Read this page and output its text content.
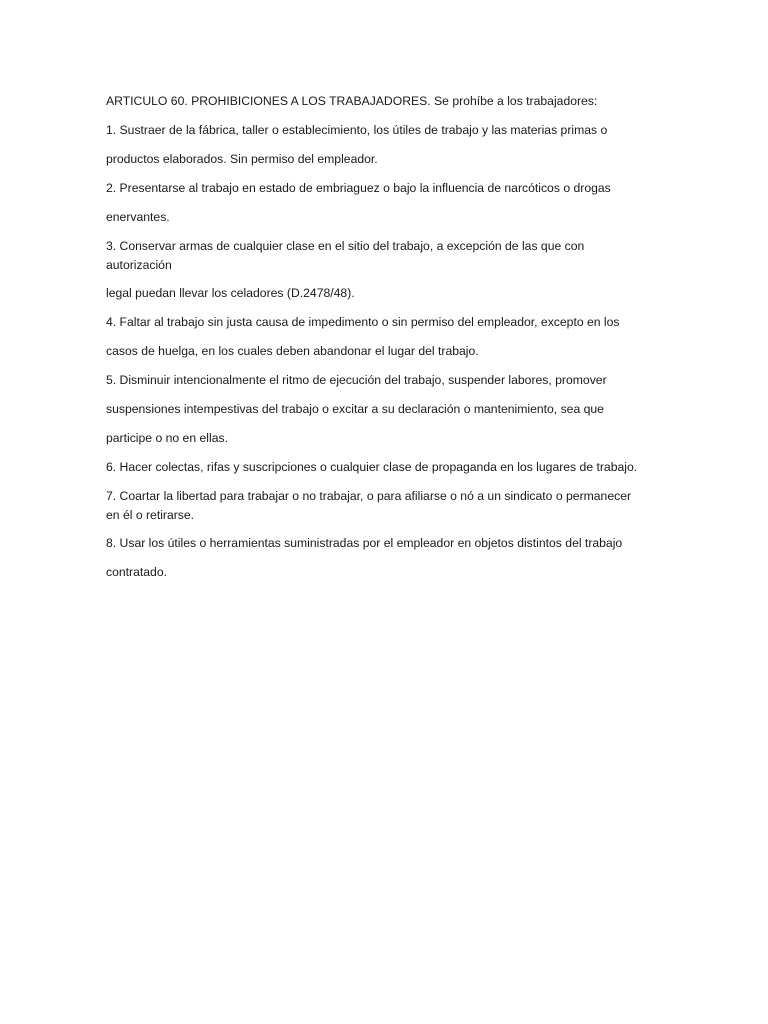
ARTICULO 60. PROHIBICIONES A LOS TRABAJADORES. Se prohíbe a los trabajadores:
1. Sustraer de la fábrica, taller o establecimiento, los útiles de trabajo y las materias primas o
productos elaborados. Sin permiso del empleador.
2. Presentarse al trabajo en estado de embriaguez o bajo la influencia de narcóticos o drogas
enervantes.
3. Conservar armas de cualquier clase en el sitio del trabajo, a excepción de las que con
autorización
legal puedan llevar los celadores (D.2478/48).
4. Faltar al trabajo sin justa causa de impedimento o sin permiso del empleador, excepto en los
casos de huelga, en los cuales deben abandonar el lugar del trabajo.
5. Disminuir intencionalmente el ritmo de ejecución del trabajo, suspender labores, promover
suspensiones intempestivas del trabajo o excitar a su declaración o mantenimiento, sea que
participe o no en ellas.
6. Hacer colectas, rifas y suscripciones o cualquier clase de propaganda en los lugares de trabajo.
7. Coartar la libertad para trabajar o no trabajar, o para afiliarse o nó a un sindicato o permanecer
en él o retirarse.
8. Usar los útiles o herramientas suministradas por el empleador en objetos distintos del trabajo
contratado.
